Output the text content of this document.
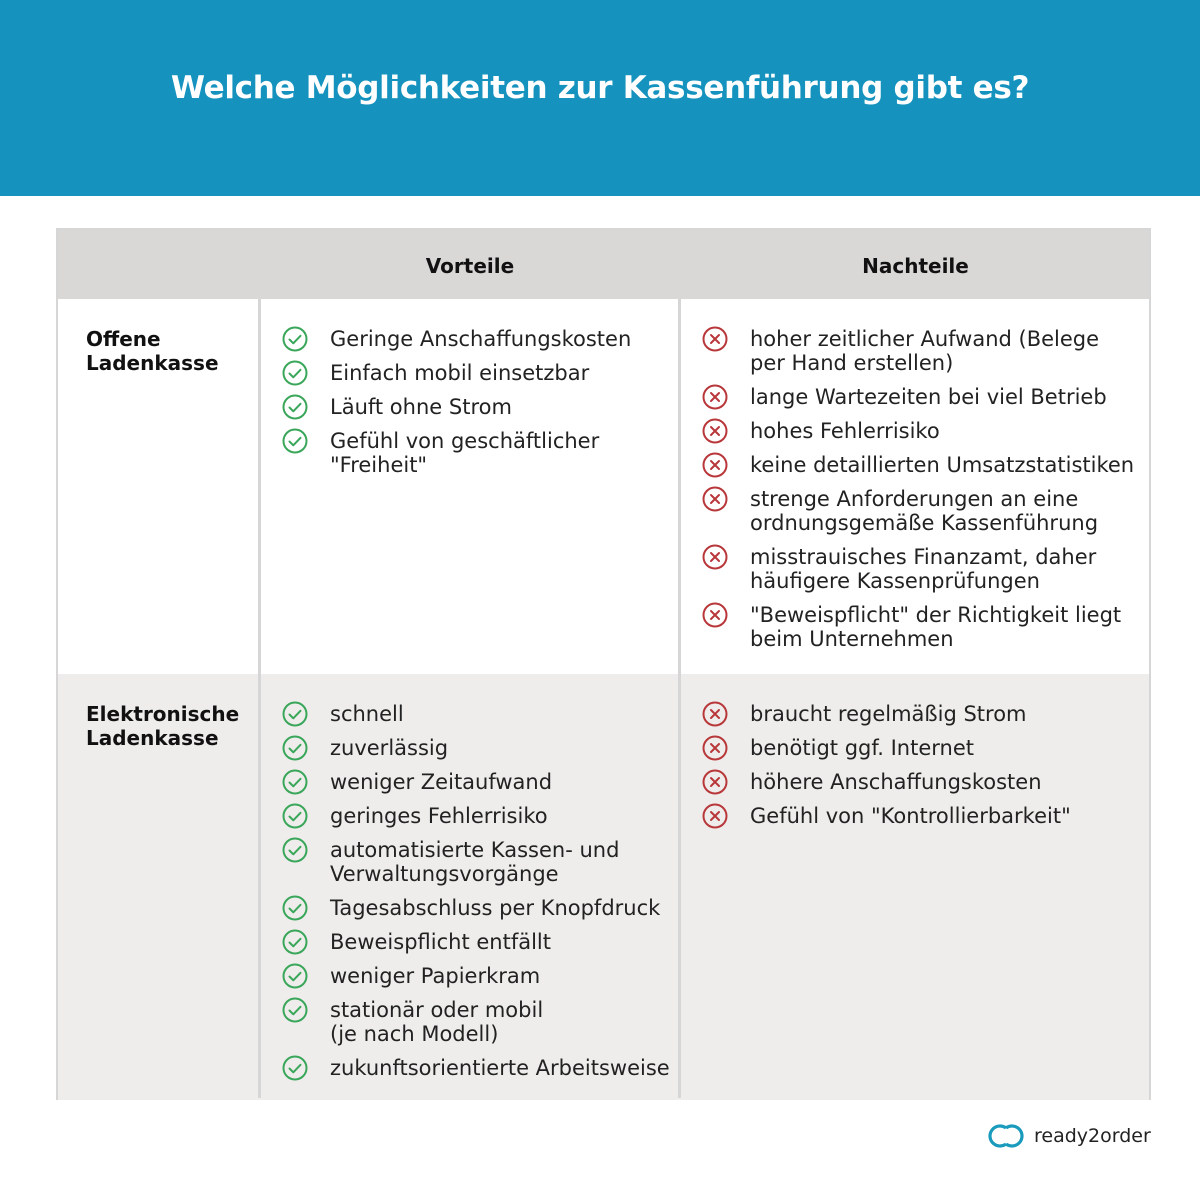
Welche Möglichkeiten zur Kassenführung gibt es?
Vorteile	Nachteile
Offene
Ladenkasse
Geringe Anschaffungskosten
Einfach mobil einsetzbar
Läuft ohne Strom
Gefühl von geschäftlicher
"Freiheit"
hoher zeitlicher Aufwand (Belege
per Hand erstellen)
lange Wartezeiten bei viel Betrieb
hohes Fehlerrisiko
keine detaillierten Umsatzstatistiken
strenge Anforderungen an eine
ordnungsgemäße Kassenführung
misstrauisches Finanzamt, daher
häufigere Kassenprüfungen
"Beweispflicht" der Richtigkeit liegt
beim Unternehmen
Elektronische
Ladenkasse
schnell
zuverlässig
weniger Zeitaufwand
geringes Fehlerrisiko
automatisierte Kassen- und
Verwaltungsvorgänge
Tagesabschluss per Knopfdruck
Beweispflicht entfällt
weniger Papierkram
stationär oder mobil
(je nach Modell)
zukunftsorientierte Arbeitsweise
braucht regelmäßig Strom
benötigt ggf. Internet
höhere Anschaffungskosten
Gefühl von "Kontrollierbarkeit"
ready2order
